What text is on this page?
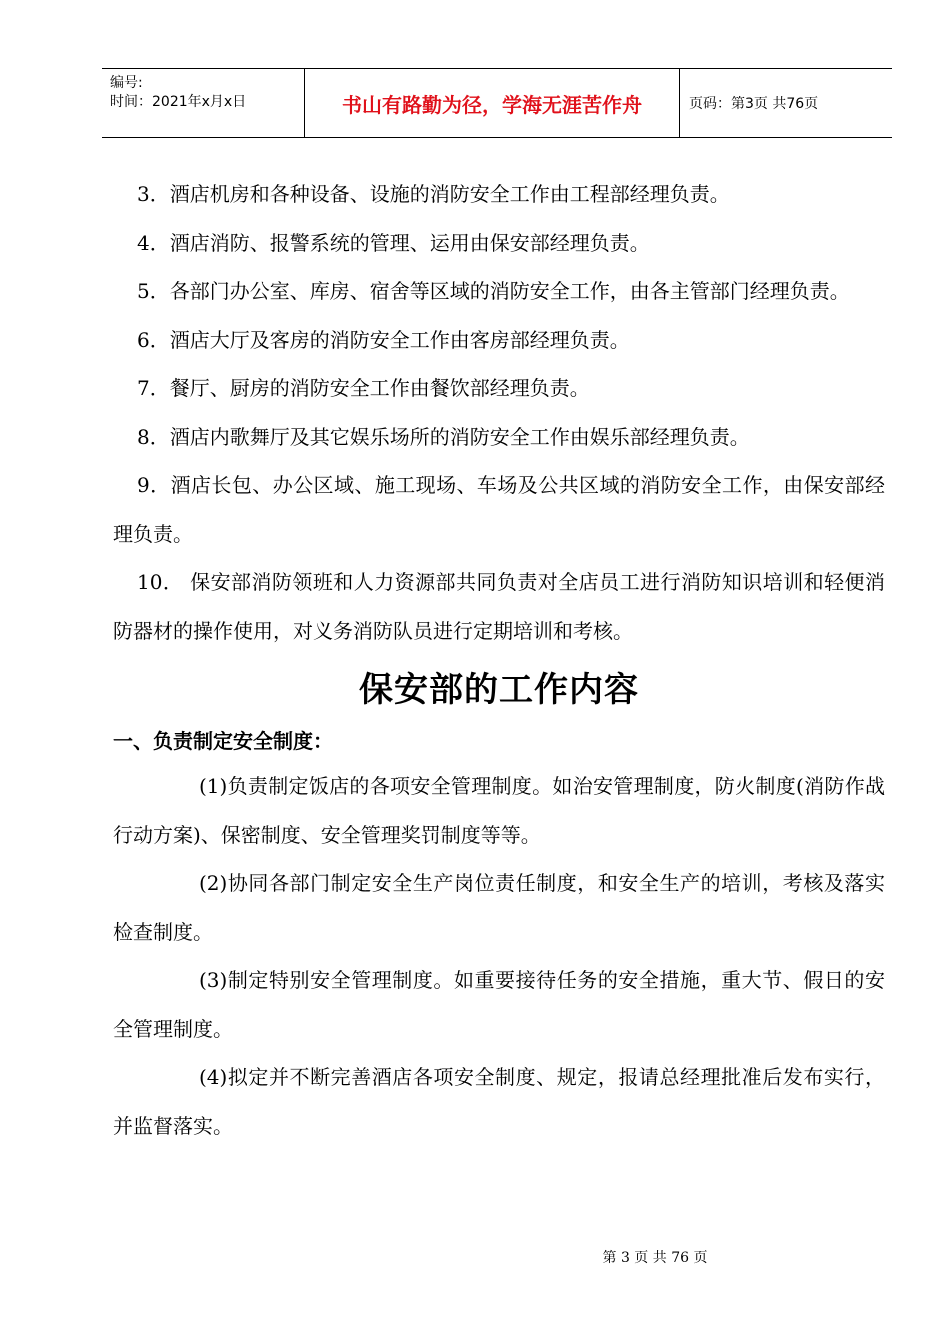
编号:
时间：2021年x月x日	书山有路勤为径，学海无涯苦作舟	页码：第3页 共76页

3．酒店机房和各种设备、设施的消防安全工作由工程部经理负责。

4．酒店消防、报警系统的管理、运用由保安部经理负责。

5．各部门办公室、库房、宿舍等区域的消防安全工作，由各主管部门经理负责。

6．酒店大厅及客房的消防安全工作由客房部经理负责。

7．餐厅、厨房的消防安全工作由餐饮部经理负责。

8．酒店内歌舞厅及其它娱乐场所的消防安全工作由娱乐部经理负责。

9．酒店长包、办公区域、施工现场、车场及公共区域的消防安全工作，由保安部经理负责。

10． 保安部消防领班和人力资源部共同负责对全店员工进行消防知识培训和轻便消防器材的操作使用，对义务消防队员进行定期培训和考核。

保安部的工作内容
一、负责制定安全制度：

(1)负责制定饭店的各项安全管理制度。如治安管理制度，防火制度(消防作战行动方案)、保密制度、安全管理奖罚制度等等。

(2)协同各部门制定安全生产岗位责任制度，和安全生产的培训，考核及落实检查制度。

(3)制定特别安全管理制度。如重要接待任务的安全措施，重大节、假日的安全管理制度。

(4)拟定并不断完善酒店各项安全制度、规定，报请总经理批准后发布实行，并监督落实。

第 3 页 共 76 页
